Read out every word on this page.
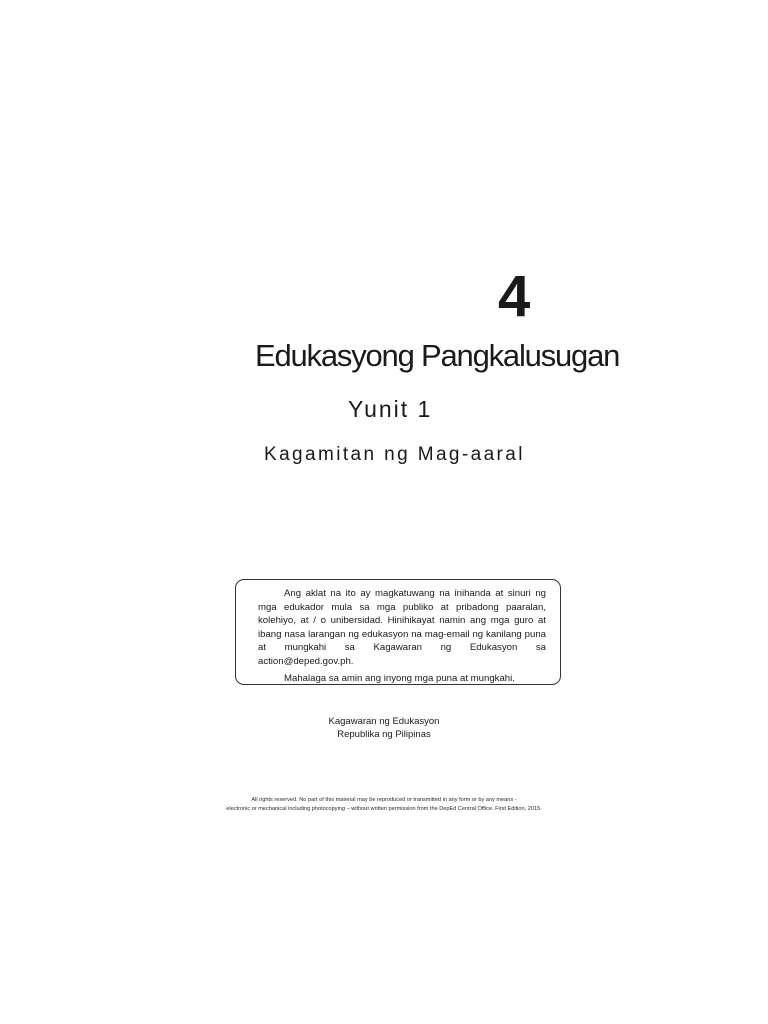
4
Edukasyong Pangkalusugan
Yunit 1
Kagamitan ng Mag-aaral

Ang aklat na ito ay magkatuwang na inihanda at sinuri ng mga edukador mula sa mga publiko at pribadong paaralan, kolehiyo, at / o unibersidad. Hinihikayat namin ang mga guro at ibang nasa larangan ng edukasyon na mag-email ng kanilang puna at mungkahi sa Kagawaran ng Edukasyon sa action@deped.gov.ph.

Mahalaga sa amin ang inyong mga puna at mungkahi.

Kagawaran ng Edukasyon
Republika ng Pilipinas
All rights reserved. No part of this material may be reproduced or transmitted in any form or by any means -
electronic or mechanical including photocopying – without written permission from the DepEd Central Office. First Edition, 2015.
